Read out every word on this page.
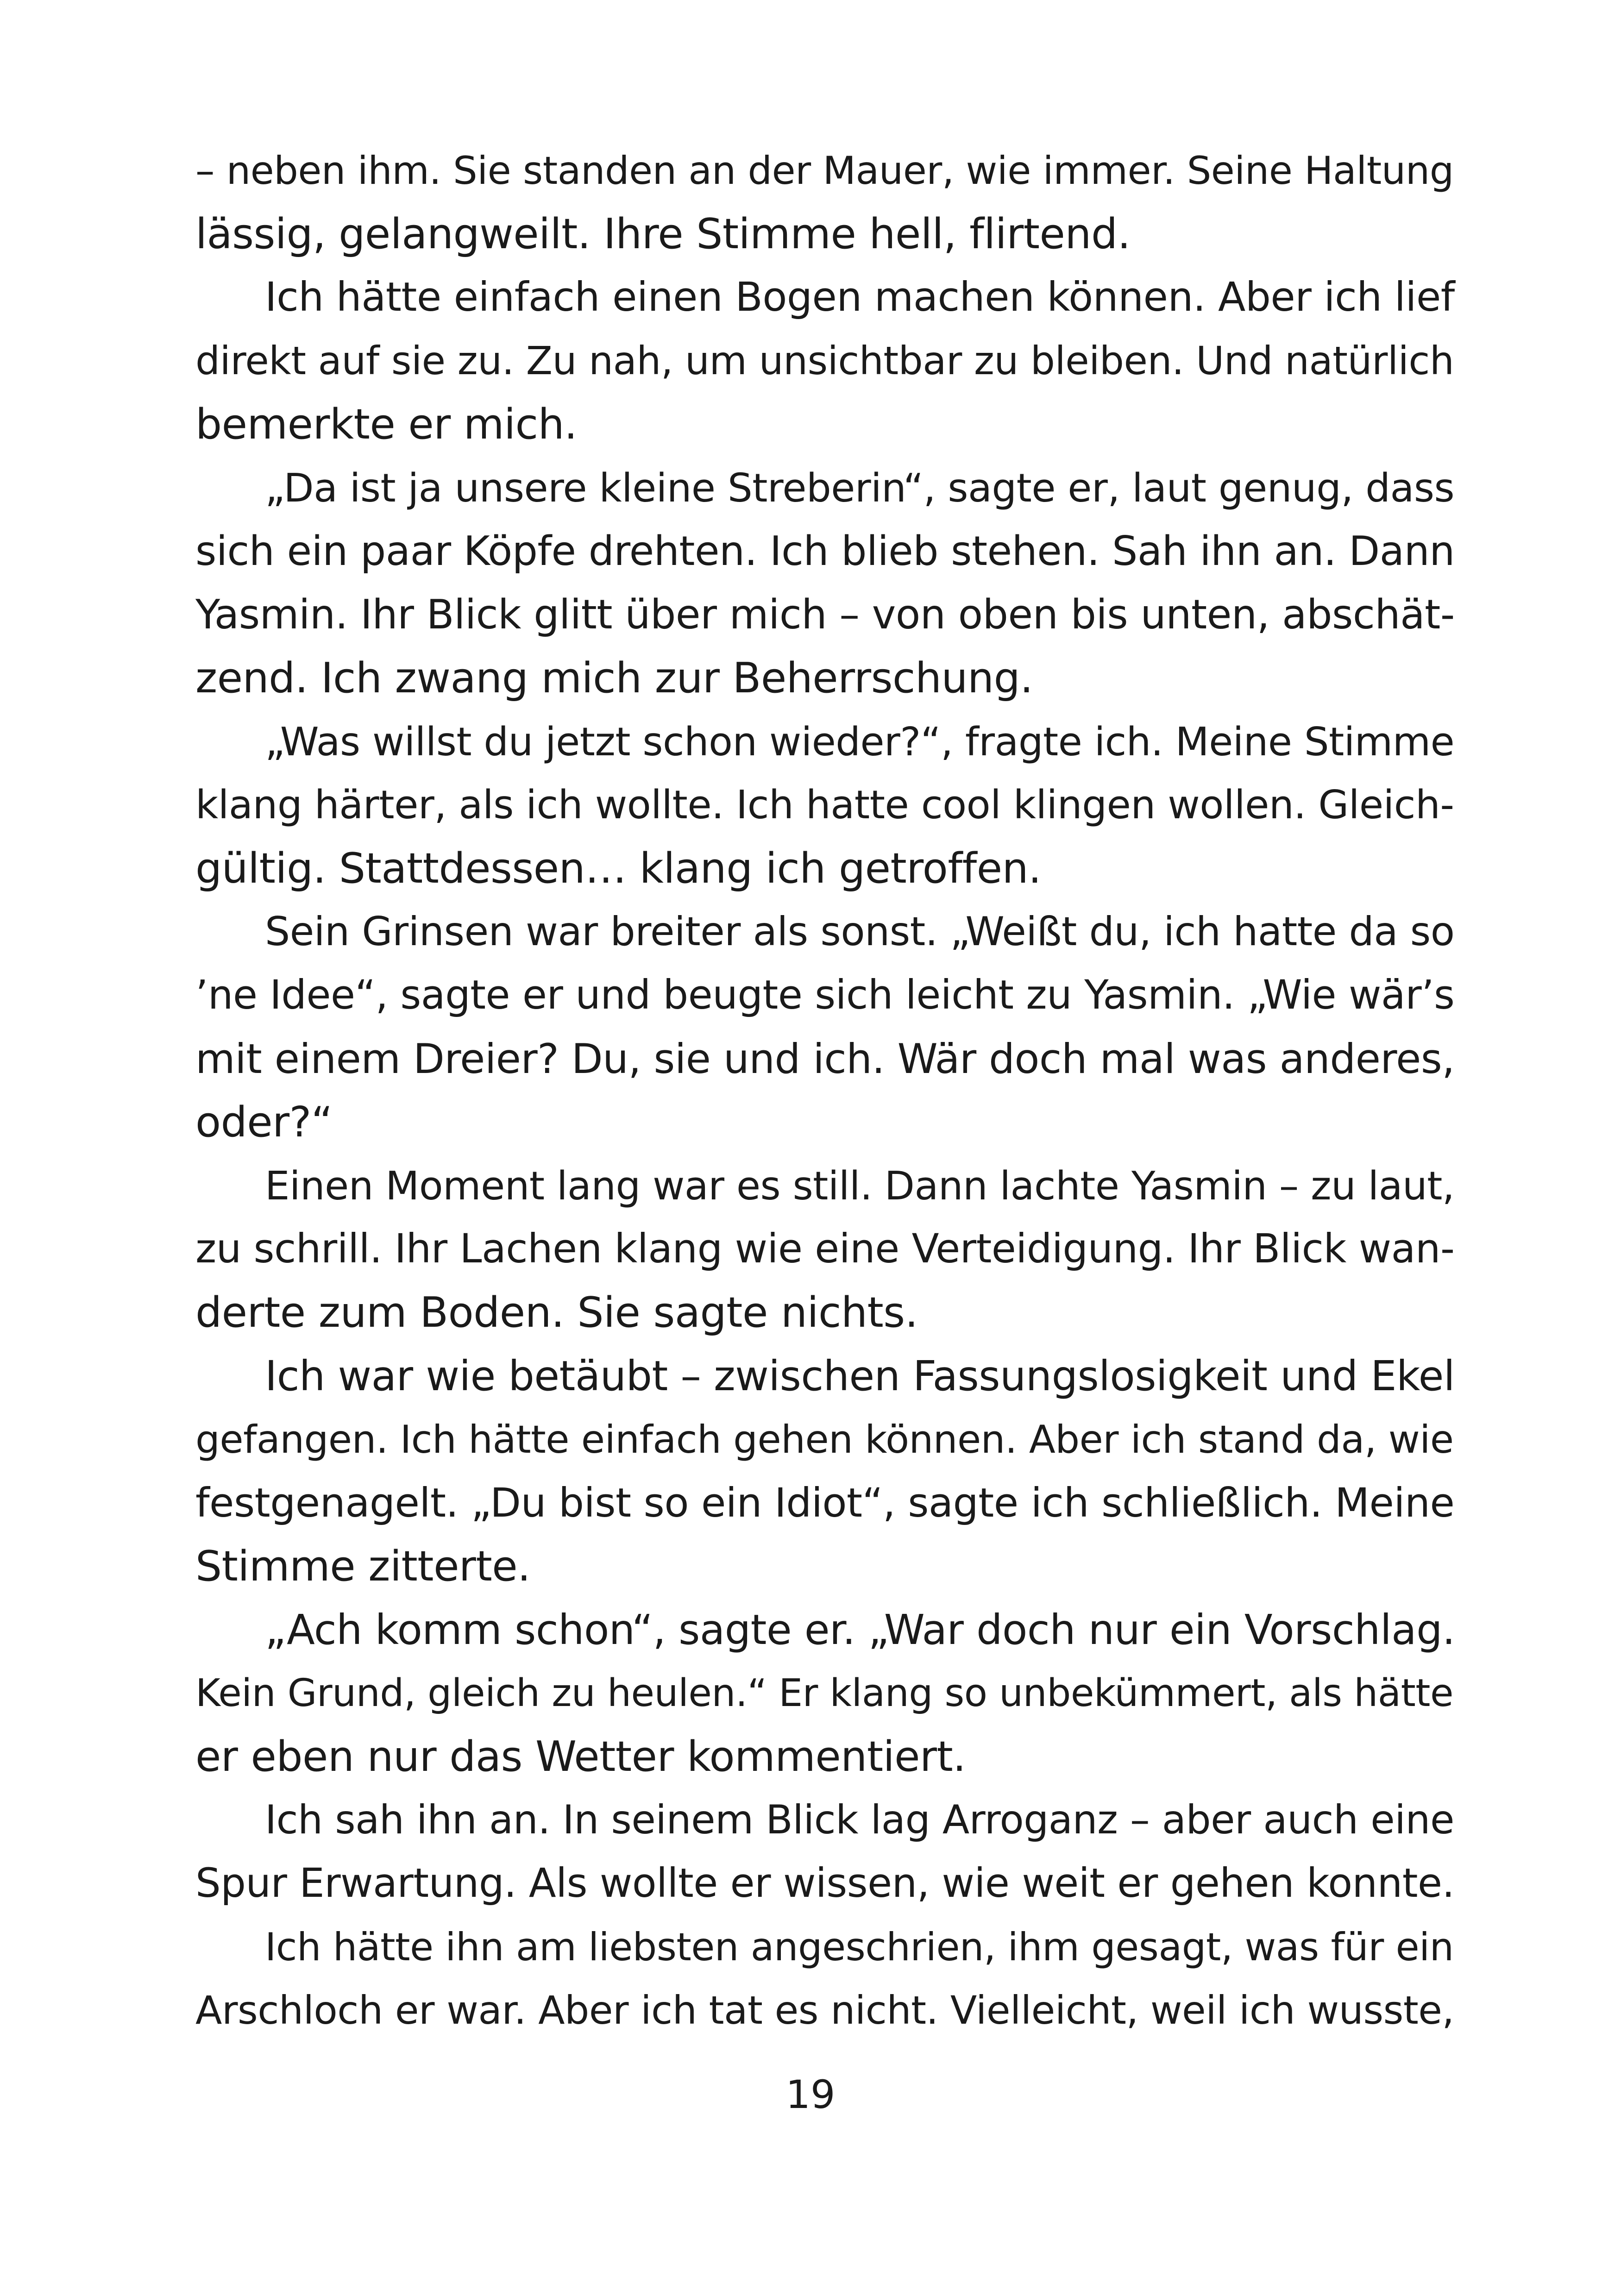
– neben ihm. Sie standen an der Mauer, wie immer. Seine Haltung
lässig, gelangweilt. Ihre Stimme hell, flirtend.
Ich hätte einfach einen Bogen machen können. Aber ich lief
direkt auf sie zu. Zu nah, um unsichtbar zu bleiben. Und natürlich
bemerkte er mich.
„Da ist ja unsere kleine Streberin“, sagte er, laut genug, dass
sich ein paar Köpfe drehten. Ich blieb stehen. Sah ihn an. Dann
Yasmin. Ihr Blick glitt über mich – von oben bis unten, abschät-
zend. Ich zwang mich zur Beherrschung.
„Was willst du jetzt schon wieder?“, fragte ich. Meine Stimme
klang härter, als ich wollte. Ich hatte cool klingen wollen. Gleich-
gültig. Stattdessen… klang ich getroffen.
Sein Grinsen war breiter als sonst. „Weißt du, ich hatte da so
’ne Idee“, sagte er und beugte sich leicht zu Yasmin. „Wie wär’s
mit einem Dreier? Du, sie und ich. Wär doch mal was anderes,
oder?“
Einen Moment lang war es still. Dann lachte Yasmin – zu laut,
zu schrill. Ihr Lachen klang wie eine Verteidigung. Ihr Blick wan-
derte zum Boden. Sie sagte nichts.
Ich war wie betäubt – zwischen Fassungslosigkeit und Ekel
gefangen. Ich hätte einfach gehen können. Aber ich stand da, wie
festgenagelt. „Du bist so ein Idiot“, sagte ich schließlich. Meine
Stimme zitterte.
„Ach komm schon“, sagte er. „War doch nur ein Vorschlag.
Kein Grund, gleich zu heulen.“ Er klang so unbekümmert, als hätte
er eben nur das Wetter kommentiert.
Ich sah ihn an. In seinem Blick lag Arroganz – aber auch eine
Spur Erwartung. Als wollte er wissen, wie weit er gehen konnte.
Ich hätte ihn am liebsten angeschrien, ihm gesagt, was für ein
Arschloch er war. Aber ich tat es nicht. Vielleicht, weil ich wusste,
19
